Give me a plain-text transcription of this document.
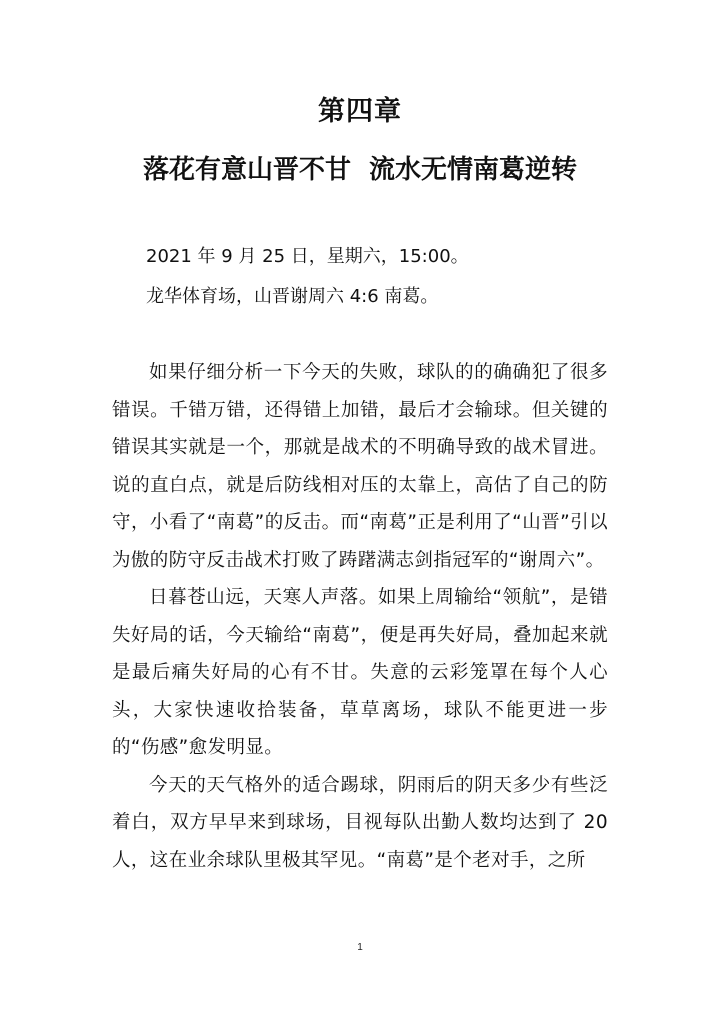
第四章
落花有意山晋不甘  流水无情南葛逆转
2021 年 9 月 25 日，星期六，15:00。
龙华体育场，山晋谢周六 4:6 南葛。

如果仔细分析一下今天的失败，球队的的确确犯了很多错误。千错万错，还得错上加错，最后才会输球。但关键的错误其实就是一个，那就是战术的不明确导致的战术冒进。说的直白点，就是后防线相对压的太靠上，高估了自己的防守，小看了“南葛”的反击。而“南葛”正是利用了“山晋”引以为傲的防守反击战术打败了踌躇满志剑指冠军的“谢周六”。

日暮苍山远，天寒人声落。如果上周输给“领航”，是错失好局的话，今天输给“南葛”，便是再失好局，叠加起来就是最后痛失好局的心有不甘。失意的云彩笼罩在每个人心头，大家快速收拾装备，草草离场，球队不能更进一步的“伤感”愈发明显。

今天的天气格外的适合踢球，阴雨后的阴天多少有些泛着白，双方早早来到球场，目视每队出勤人数均达到了 20 人，这在业余球队里极其罕见。“南葛”是个老对手，之所

1
